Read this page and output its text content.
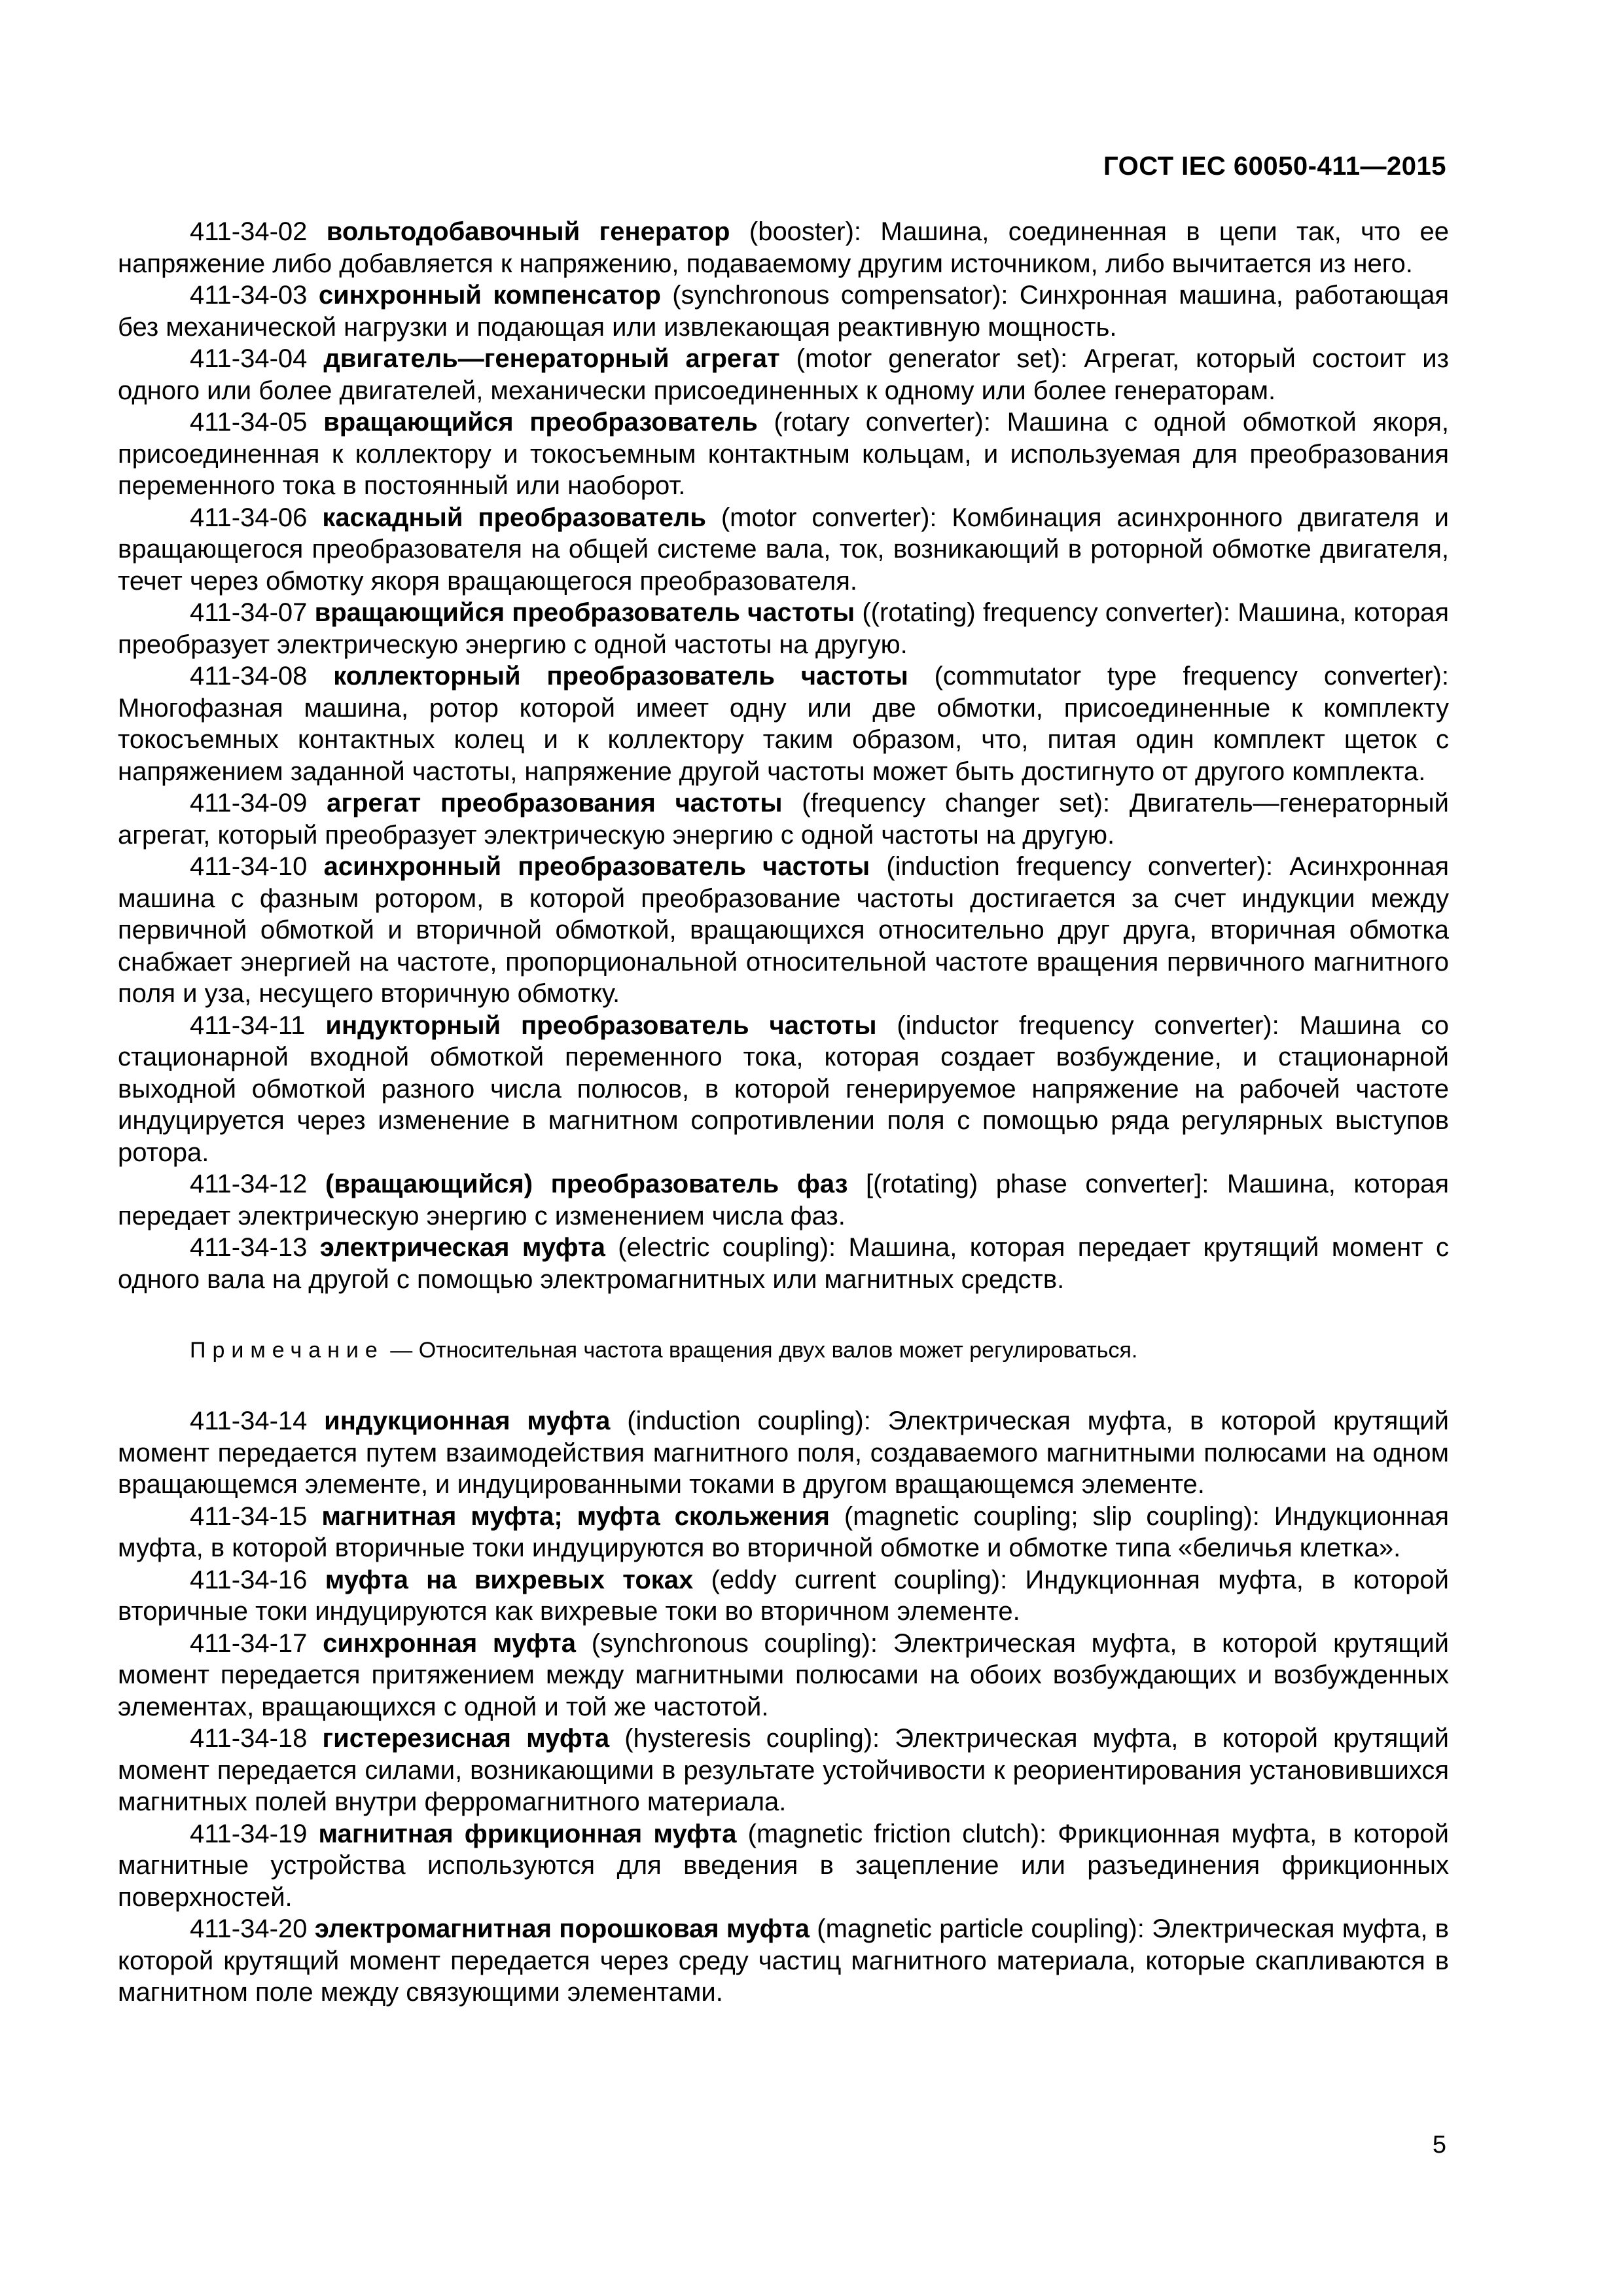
ГОСТ IEC 60050-411—2015

411-34-02 вольтодобавочный генератор (booster): Машина, соединенная в цепи так, что ее напряжение либо добавляется к напряжению, подаваемому другим источником, либо вычитается из него.

411-34-03 синхронный компенсатор (synchronous compensator): Синхронная машина, работающая без механической нагрузки и подающая или извлекающая реактивную мощность.

411-34-04 двигатель—генераторный агрегат (motor generator set): Агрегат, который состоит из одного или более двигателей, механически присоединенных к одному или более генераторам.

411-34-05 вращающийся преобразователь (rotary converter): Машина с одной обмоткой якоря, присоединенная к коллектору и токосъемным контактным кольцам, и используемая для преобразования переменного тока в постоянный или наоборот.

411-34-06 каскадный преобразователь (motor converter): Комбинация асинхронного двигателя и вращающегося преобразователя на общей системе вала, ток, возникающий в роторной обмотке двигателя, течет через обмотку якоря вращающегося преобразователя.

411-34-07 вращающийся преобразователь частоты ((rotating) frequency converter): Машина, которая преобразует электрическую энергию с одной частоты на другую.

411-34-08 коллекторный преобразователь частоты (commutator type frequency converter): Многофазная машина, ротор которой имеет одну или две обмотки, присоединенные к комплекту токосъемных контактных колец и к коллектору таким образом, что, питая один комплект щеток с напряжением заданной частоты, напряжение другой частоты может быть достигнуто от другого комплекта.

411-34-09 агрегат преобразования частоты (frequency changer set): Двигатель—генераторный агрегат, который преобразует электрическую энергию с одной частоты на другую.

411-34-10 асинхронный преобразователь частоты (induction frequency converter): Асинхронная машина с фазным ротором, в которой преобразование частоты достигается за счет индукции между первичной обмоткой и вторичной обмоткой, вращающихся относительно друг друга, вторичная обмотка снабжает энергией на частоте, пропорциональной относительной частоте вращения первичного магнитного поля и уза, несущего вторичную обмотку.

411-34-11 индукторный преобразователь частоты (inductor frequency converter): Машина со стационарной входной обмоткой переменного тока, которая создает возбуждение, и стационарной выходной обмоткой разного числа полюсов, в которой генерируемое напряжение на рабочей частоте индуцируется через изменение в магнитном сопротивлении поля с помощью ряда регулярных выступов ротора.

411-34-12 (вращающийся) преобразователь фаз [(rotating) phase converter]: Машина, которая передает электрическую энергию с изменением числа фаз.

411-34-13 электрическая муфта (electric coupling): Машина, которая передает крутящий момент с одного вала на другой с помощью электромагнитных или магнитных средств.

Примечание — Относительная частота вращения двух валов может регулироваться.

411-34-14 индукционная муфта (induction coupling): Электрическая муфта, в которой крутящий момент передается путем взаимодействия магнитного поля, создаваемого магнитными полюсами на одном вращающемся элементе, и индуцированными токами в другом вращающемся элементе.

411-34-15 магнитная муфта; муфта скольжения (magnetic coupling; slip coupling): Индукционная муфта, в которой вторичные токи индуцируются во вторичной обмотке и обмотке типа «беличья клетка».

411-34-16 муфта на вихревых токах (eddy current coupling): Индукционная муфта, в которой вторичные токи индуцируются как вихревые токи во вторичном элементе.

411-34-17 синхронная муфта (synchronous coupling): Электрическая муфта, в которой крутящий момент передается притяжением между магнитными полюсами на обоих возбуждающих и возбужденных элементах, вращающихся с одной и той же частотой.

411-34-18 гистерезисная муфта (hysteresis coupling): Электрическая муфта, в которой крутящий момент передается силами, возникающими в результате устойчивости к реориентирования установившихся магнитных полей внутри ферромагнитного материала.

411-34-19 магнитная фрикционная муфта (magnetic friction clutch): Фрикционная муфта, в которой магнитные устройства используются для введения в зацепление или разъединения фрикционных поверхностей.

411-34-20 электромагнитная порошковая муфта (magnetic particle coupling): Электрическая муфта, в которой крутящий момент передается через среду частиц магнитного материала, которые скапливаются в магнитном поле между связующими элементами.

5
